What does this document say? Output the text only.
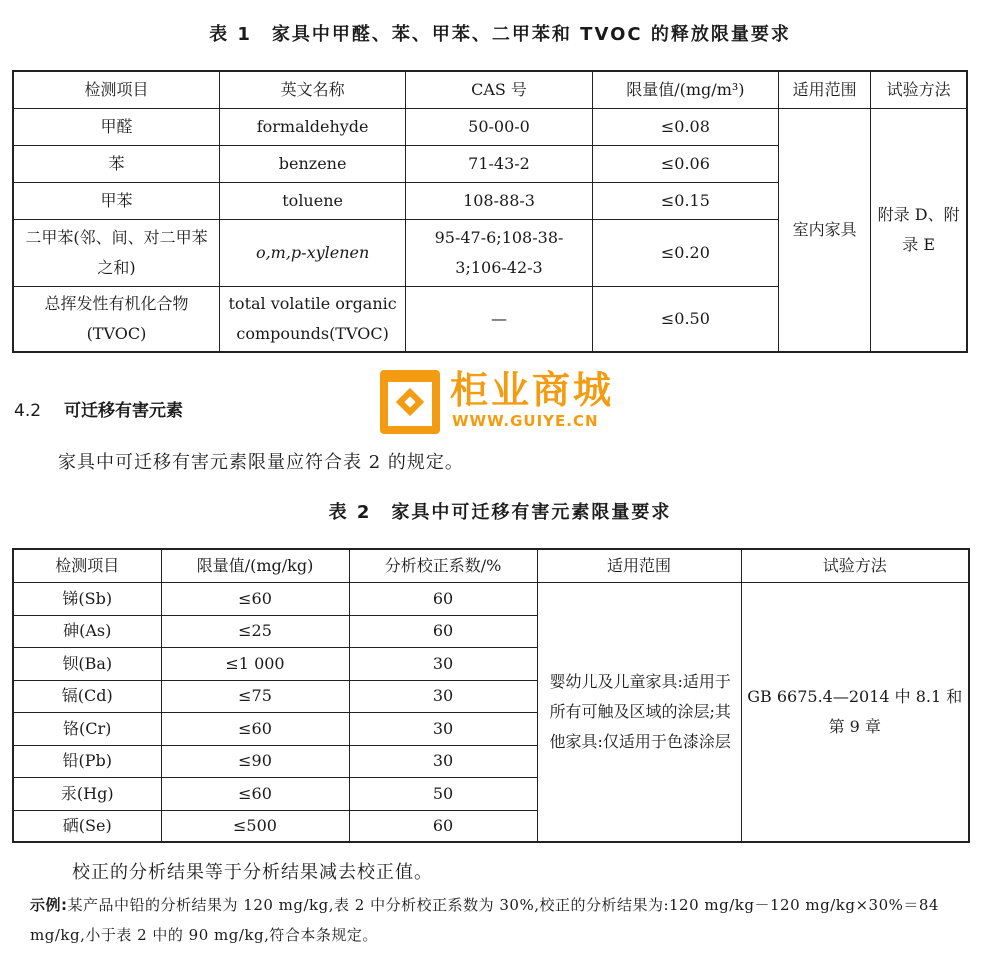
表 1　家具中甲醛、苯、甲苯、二甲苯和 TVOC 的释放限量要求
检测项目	英文名称	CAS 号	限量值/(mg/m³)	适用范围	试验方法
甲醛	formaldehyde	50-00-0	≤0.08	室内家具	附录 D、附录 E
苯	benzene	71-43-2	≤0.06		
甲苯	toluene	108-88-3	≤0.15		
二甲苯(邻、间、对二甲苯之和)	o,m,p-xylenen	95-47-6;108-38-3;106-42-3	≤0.20		
总挥发性有机化合物(TVOC)	total volatile organic compounds(TVOC)	—	≤0.50		
柜业商城
WWW.GUIYE.CN
4.2 可迁移有害元素
家具中可迁移有害元素限量应符合表 2 的规定。
表 2　家具中可迁移有害元素限量要求
检测项目	限量值/(mg/kg)	分析校正系数/%	适用范围	试验方法
锑(Sb)	≤60	60	婴幼儿及儿童家具:适用于所有可触及区域的涂层;其他家具:仅适用于色漆涂层	GB 6675.4—2014 中 8.1 和第 9 章
砷(As)	≤25	60		
钡(Ba)	≤1 000	30		
镉(Cd)	≤75	30		
铬(Cr)	≤60	30		
铅(Pb)	≤90	30		
汞(Hg)	≤60	50		
硒(Se)	≤500	60		
校正的分析结果等于分析结果减去校正值。
示例:某产品中铅的分析结果为 120 mg/kg,表 2 中分析校正系数为 30%,校正的分析结果为:120 mg/kg－120 mg/kg×30%＝84 mg/kg,小于表 2 中的 90 mg/kg,符合本条规定。
